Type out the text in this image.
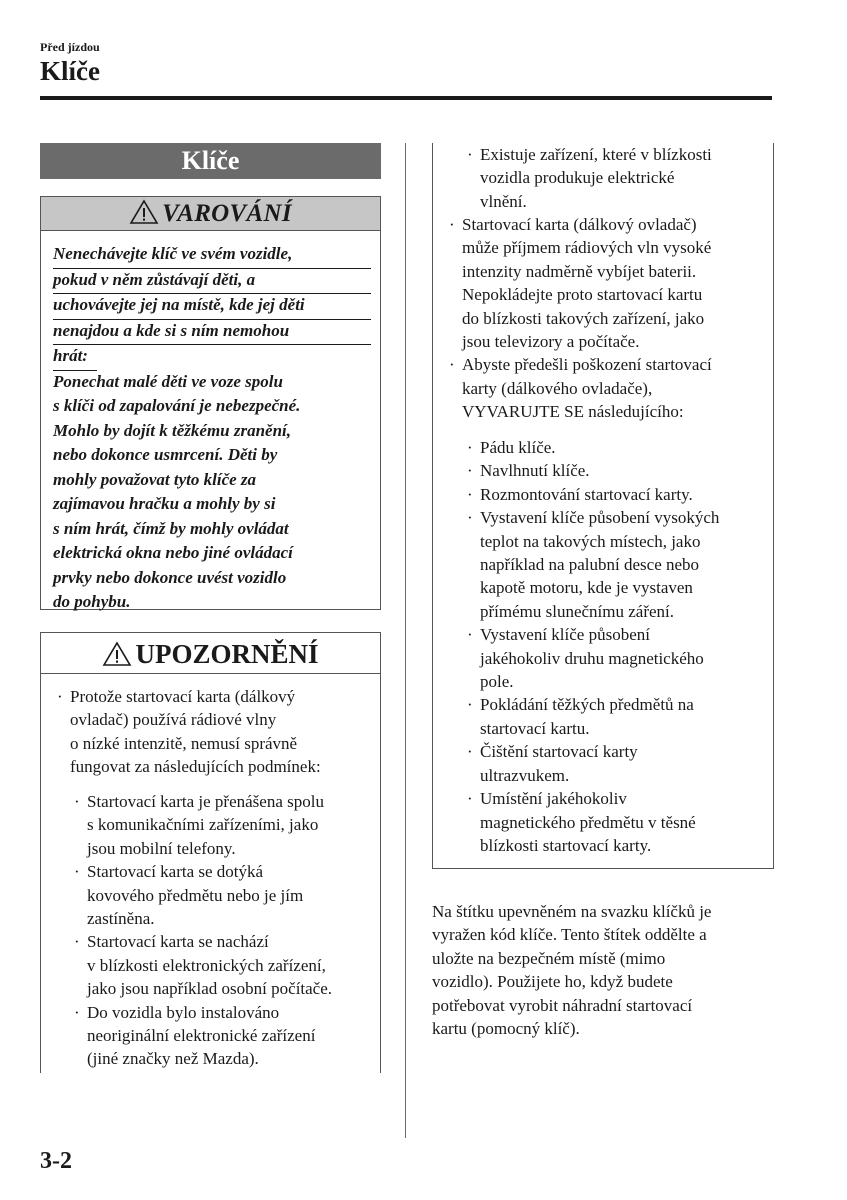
Před jízdou
Klíče
Klíče
VAROVÁNÍ
Nenechávejte klíč ve svém vozidle,
pokud v něm zůstávají děti, a
uchovávejte jej na místě, kde jej děti
nenajdou a kde si s ním nemohou
hrát:
Ponechat malé děti ve voze spolu
s klíči od zapalování je nebezpečné.
Mohlo by dojít k těžkému zranění,
nebo dokonce usmrcení. Děti by
mohly považovat tyto klíče za
zajímavou hračku a mohly by si
s ním hrát, čímž by mohly ovládat
elektrická okna nebo jiné ovládací
prvky nebo dokonce uvést vozidlo
do pohybu.
UPOZORNĚNÍ
· Protože startovací karta (dálkový
ovladač) používá rádiové vlny
o nízké intenzitě, nemusí správně
fungovat za následujících podmínek:
· Startovací karta je přenášena spolu
s komunikačními zařízeními, jako
jsou mobilní telefony.
· Startovací karta se dotýká
kovového předmětu nebo je jím
zastíněna.
· Startovací karta se nachází
v blízkosti elektronických zařízení,
jako jsou například osobní počítače.
· Do vozidla bylo instalováno
neoriginální elektronické zařízení
(jiné značky než Mazda).
· Existuje zařízení, které v blízkosti
vozidla produkuje elektrické
vlnění.
· Startovací karta (dálkový ovladač)
může příjmem rádiových vln vysoké
intenzity nadměrně vybíjet baterii.
Nepokládejte proto startovací kartu
do blízkosti takových zařízení, jako
jsou televizory a počítače.
· Abyste předešli poškození startovací
karty (dálkového ovladače),
VYVARUJTE SE následujícího:
· Pádu klíče.
· Navlhnutí klíče.
· Rozmontování startovací karty.
· Vystavení klíče působení vysokých
teplot na takových místech, jako
například na palubní desce nebo
kapotě motoru, kde je vystaven
přímému slunečnímu záření.
· Vystavení klíče působení
jakéhokoliv druhu magnetického
pole.
· Pokládání těžkých předmětů na
startovací kartu.
· Čištění startovací karty
ultrazvukem.
· Umístění jakéhokoliv
magnetického předmětu v těsné
blízkosti startovací karty.
Na štítku upevněném na svazku klíčků je
vyražen kód klíče. Tento štítek oddělte a
uložte na bezpečném místě (mimo
vozidlo). Použijete ho, když budete
potřebovat vyrobit náhradní startovací
kartu (pomocný klíč).
3-2
